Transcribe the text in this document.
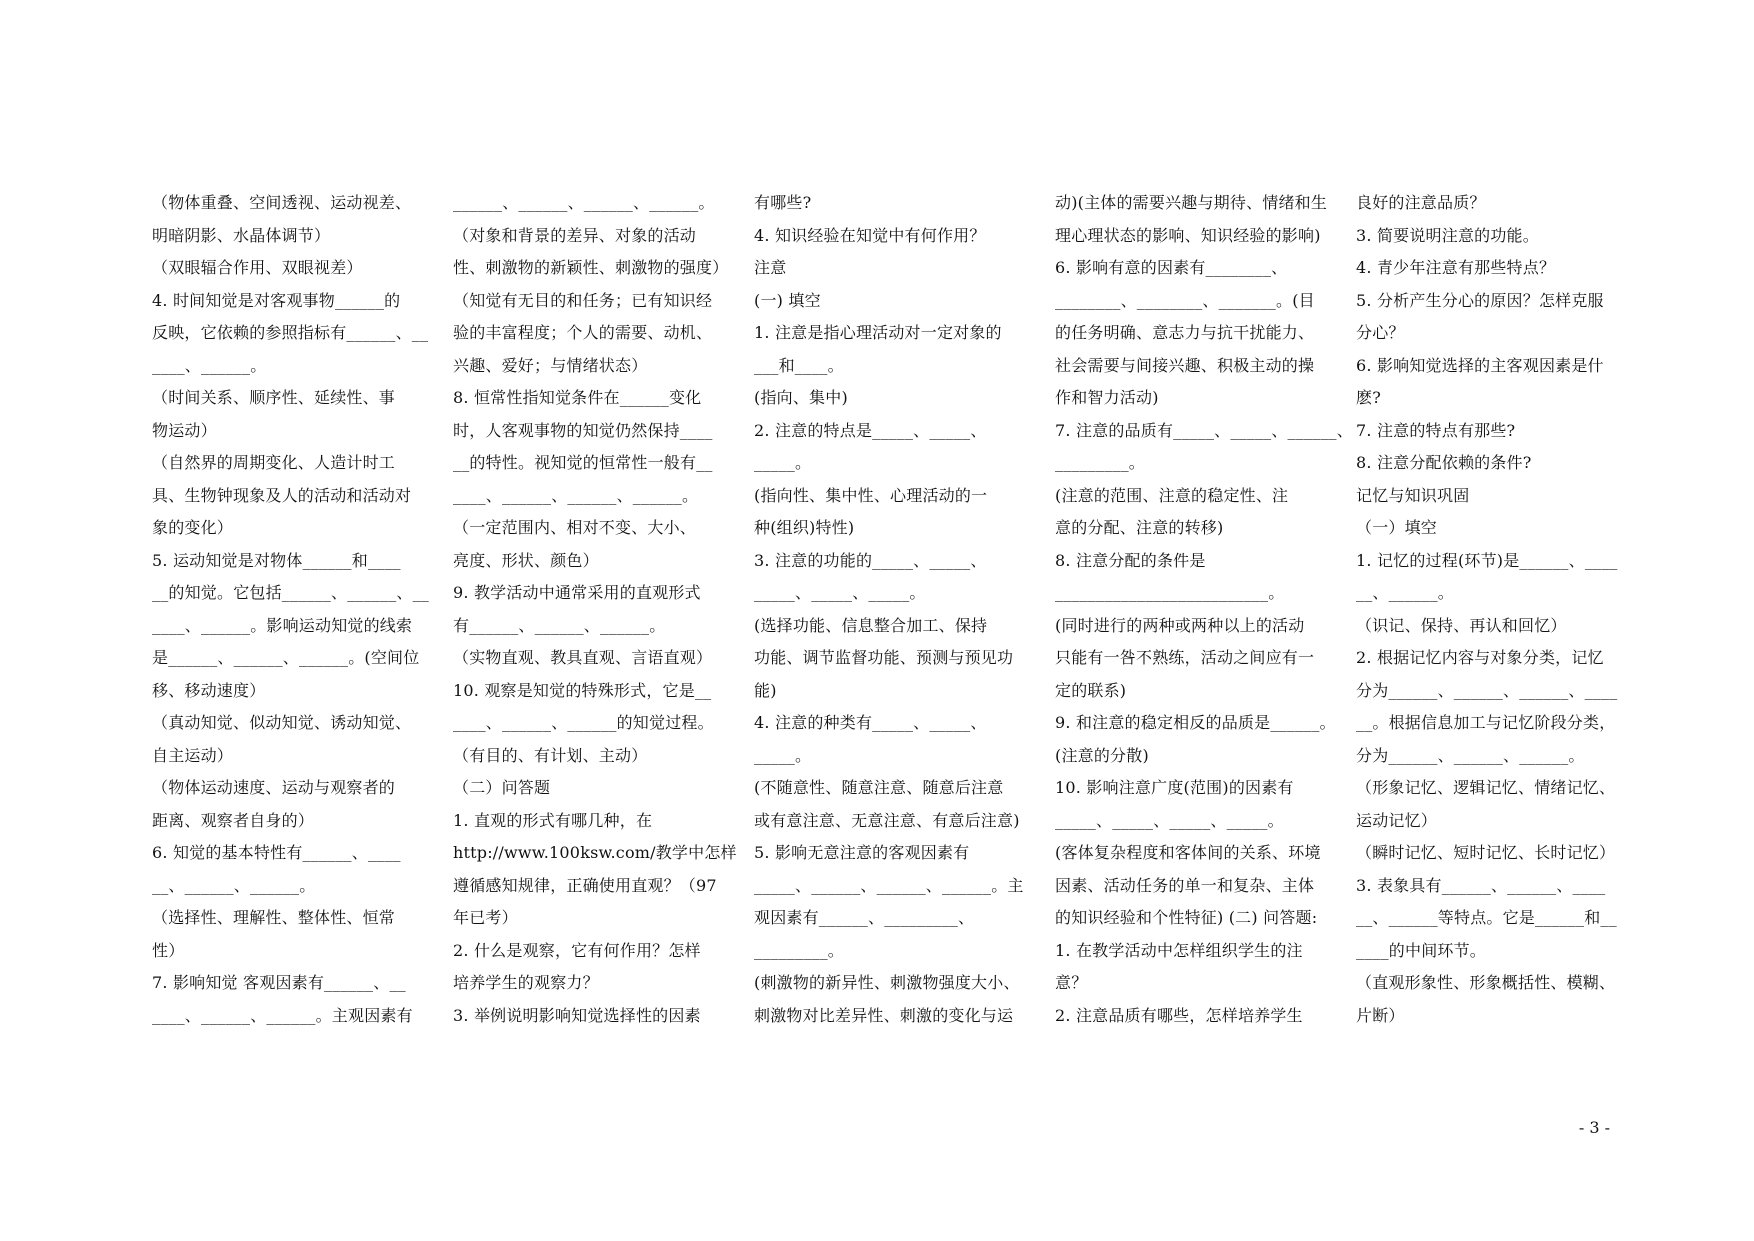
（物体重叠、空间透视、运动视差、
明暗阴影、水晶体调节）
（双眼辐合作用、双眼视差）
4. 时间知觉是对客观事物______的
反映，它依赖的参照指标有______、__
____、______。
（时间关系、顺序性、延续性、事
物运动）
（自然界的周期变化、人造计时工
具、生物钟现象及人的活动和活动对
象的变化）
5. 运动知觉是对物体______和____
__的知觉。它包括______、______、__
____、______。影响运动知觉的线索
是______、______、______。(空间位
移、移动速度）
（真动知觉、似动知觉、诱动知觉、
自主运动）
（物体运动速度、运动与观察者的
距离、观察者自身的）
6. 知觉的基本特性有______、____
__、______、______。
（选择性、理解性、整体性、恒常
性）
7. 影响知觉 客观因素有______、__
____、______、______。主观因素有
______、______、______、______。
（对象和背景的差异、对象的活动
性、刺激物的新颖性、刺激物的强度）
（知觉有无目的和任务；已有知识经
验的丰富程度；个人的需要、动机、
兴趣、爱好；与情绪状态）
8. 恒常性指知觉条件在______变化
时，人客观事物的知觉仍然保持____
__的特性。视知觉的恒常性一般有__
____、______、______、______。
（一定范围内、相对不变、大小、
亮度、形状、颜色）
9. 教学活动中通常采用的直观形式
有______、______、______。
（实物直观、教具直观、言语直观）
10. 观察是知觉的特殊形式，它是__
____、______、______的知觉过程。
（有目的、有计划、主动）
（二）问答题
1. 直观的形式有哪几种，在
http://www.100ksw.com/教学中怎样
遵循感知规律，正确使用直观？（97
年已考）
2. 什么是观察，它有何作用？怎样
培养学生的观察力？
3. 举例说明影响知觉选择性的因素
有哪些?
4. 知识经验在知觉中有何作用？
注意
(一) 填空
1. 注意是指心理活动对一定对象的
___和____。
(指向、集中)
2. 注意的特点是_____、_____、
_____。
(指向性、集中性、心理活动的一
种(组织)特性)
3. 注意的功能的_____、_____、
_____、_____、_____。
(选择功能、信息整合加工、保持
功能、调节监督功能、预测与预见功
能)
4. 注意的种类有_____、_____、
_____。
(不随意性、随意注意、随意后注意
或有意注意、无意注意、有意后注意)
5. 影响无意注意的客观因素有
_____、______、______、______。主
观因素有______、_________、
_________。
(刺激物的新异性、刺激物强度大小、
刺激物对比差异性、刺激的变化与运
动)(主体的需要兴趣与期待、情绪和生
理心理状态的影响、知识经验的影响)
6. 影响有意的因素有________、
________、________、_______。(目
的任务明确、意志力与抗干扰能力、
社会需要与间接兴趣、积极主动的操
作和智力活动)
7. 注意的品质有_____、_____、______、
_________。
(注意的范围、注意的稳定性、注
意的分配、注意的转移)
8. 注意分配的条件是
__________________________。
(同时进行的两种或两种以上的活动
只能有一咎不熟练，活动之间应有一
定的联系)
9. 和注意的稳定相反的品质是______。
(注意的分散)
10. 影响注意广度(范围)的因素有
_____、_____、_____、_____。
(客体复杂程度和客体间的关系、环境
因素、活动任务的单一和复杂、主体
的知识经验和个性特征) (二) 问答题:
1. 在教学活动中怎样组织学生的注
意？
2. 注意品质有哪些，怎样培养学生
良好的注意品质？
3. 简要说明注意的功能。
4. 青少年注意有那些特点？
5. 分析产生分心的原因？怎样克服
分心？
6. 影响知觉选择的主客观因素是什
麽?
7. 注意的特点有那些?
8. 注意分配依赖的条件?
记忆与知识巩固
（一）填空
1. 记忆的过程(环节)是______、____
__、______。
（识记、保持、再认和回忆）
2. 根据记忆内容与对象分类，记忆
分为______、______、______、____
__。根据信息加工与记忆阶段分类，
分为______、______、______。
（形象记忆、逻辑记忆、情绪记忆、
运动记忆）
（瞬时记忆、短时记忆、长时记忆）
3. 表象具有______、______、____
__、______等特点。它是______和__
____的中间环节。
（直观形象性、形象概括性、模糊、
片断）
- 3 -
